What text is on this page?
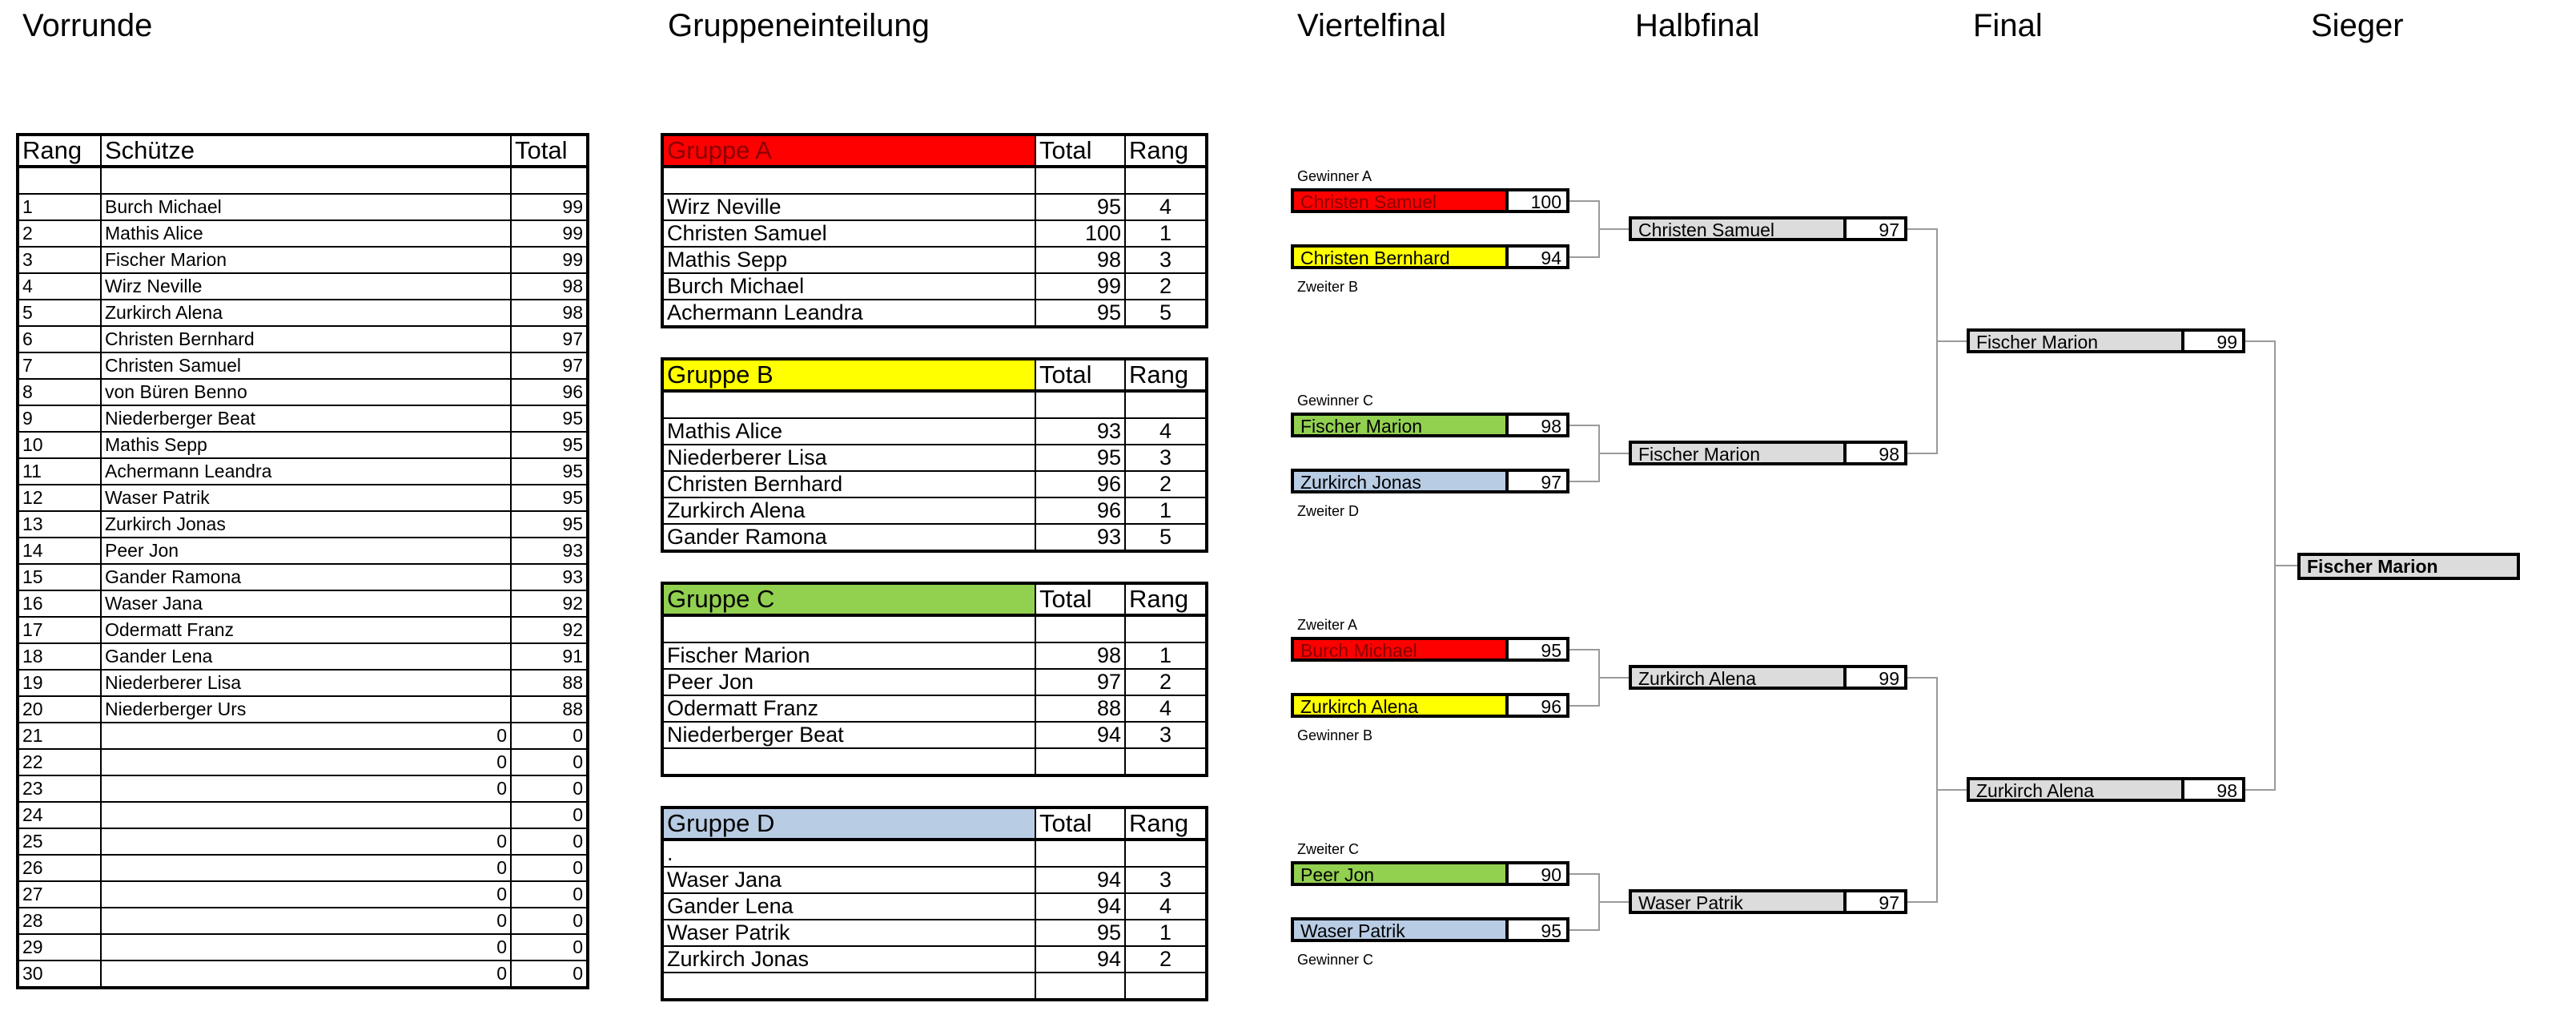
Vorrunde	Gruppeneinteilung	Viertelfinal	Halbfinal	Final	Sieger
Rang	Schütze	Total

1	Burch Michael	99
2	Mathis Alice	99
3	Fischer Marion	99
4	Wirz Neville	98
5	Zurkirch Alena	98
6	Christen Bernhard	97
7	Christen Samuel	97
8	von Büren Benno	96
9	Niederberger Beat	95
10	Mathis Sepp	95
11	Achermann Leandra	95
12	Waser Patrik	95
13	Zurkirch Jonas	95
14	Peer Jon	93
15	Gander Ramona	93
16	Waser Jana	92
17	Odermatt Franz	92
18	Gander Lena	91
19	Niederberer Lisa	88
20	Niederberger Urs	88
21	0	0
22	0	0
23	0	0
24		0
25	0	0
26	0	0
27	0	0
28	0	0
29	0	0
30	0	0
Gruppe A	Total	Rang

Wirz Neville	95	4
Christen Samuel	100	1
Mathis Sepp	98	3
Burch Michael	99	2
Achermann Leandra	95	5
Gruppe B	Total	Rang

Mathis Alice	93	4
Niederberer Lisa	95	3
Christen Bernhard	96	2
Zurkirch Alena	96	1
Gander Ramona	93	5
Gruppe C	Total	Rang

Fischer Marion	98	1
Peer Jon	97	2
Odermatt Franz	88	4
Niederberger Beat	94	3

Gruppe D	Total	Rang
.		
Waser Jana	94	3
Gander Lena	94	4
Waser Patrik	95	1
Zurkirch Jonas	94	2

Christen Samuel	100
Christen Bernhard	94
Fischer Marion	98
Zurkirch Jonas	97
Burch Michael	95
Zurkirch Alena	96
Peer Jon	90
Waser Patrik	95
Gewinner A
Zweiter B
Gewinner C
Zweiter D
Zweiter A
Gewinner B
Zweiter C
Gewinner C
Christen Samuel	97
Fischer Marion	98
Zurkirch Alena	99
Waser Patrik	97
Fischer Marion	99
Zurkirch Alena	98
Fischer Marion
